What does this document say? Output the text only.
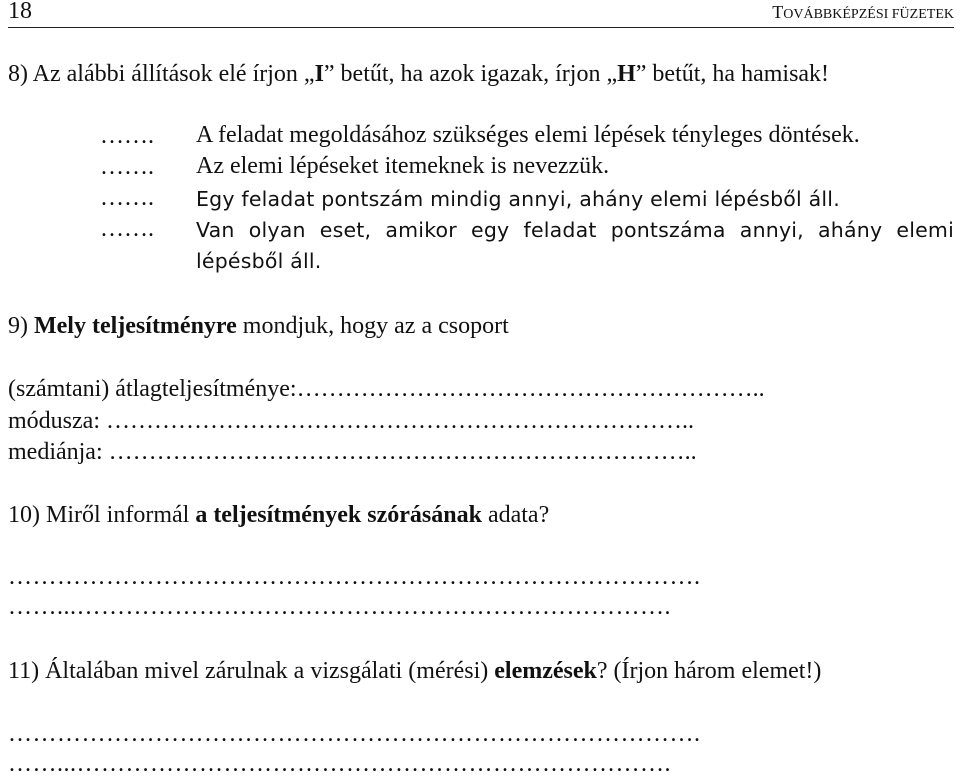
18	TOVÁBBKÉPZÉSI FÜZETEK
8) Az alábbi állítások elé írjon „I” betűt, ha azok igazak, írjon „H” betűt, ha hamisak!
……. A feladat megoldásához szükséges elemi lépések tényleges döntések.
……. Az elemi lépéseket itemeknek is nevezzük.
……. Egy feladat pontszám mindig annyi, ahány elemi lépésből áll.
……. Van olyan eset, amikor egy feladat pontszáma annyi, ahány elemi lépésből áll.
9) Mely teljesítményre mondjuk, hogy az a csoport
(számtani) átlagteljesítménye:…………………………………………………..
módusza: ………………………………………………………………..
mediánja: ………………………………………………………………..
10) Miről informál a teljesítmények szórásának adata?
………………………………………………………………………….
……...……………………………………………………………….
11) Általában mivel zárulnak a vizsgálati (mérési) elemzések? (Írjon három elemet!)
………………………………………………………………………….
……...……………………………………………………………….
